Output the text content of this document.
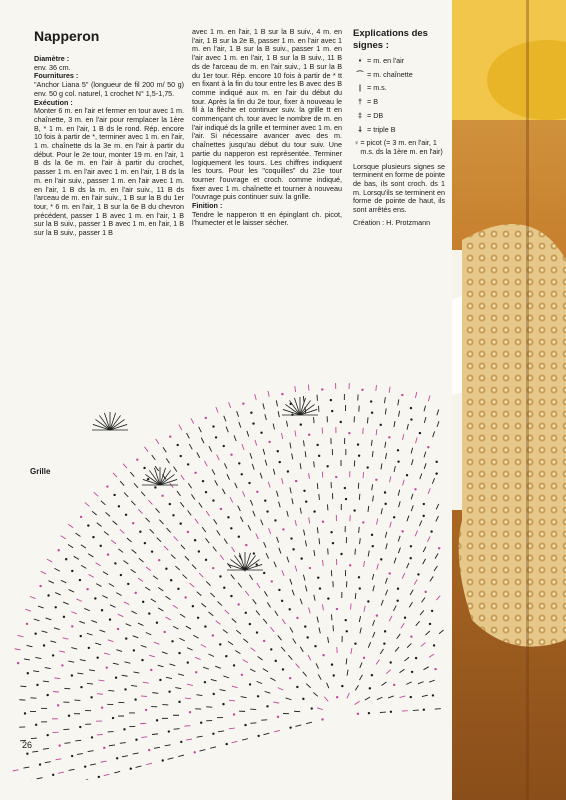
Napperon
Diamètre :
env. 36 cm.
Fournitures :
"Anchor Liana 5" (longueur de fil 200 m/ 50 g) env. 50 g col. naturel, 1 crochet N° 1,5-1,75.
Exécution :
Monter 6 m. en l'air et fermer en tour avec 1 m. chaînette, 3 m. en l'air pour remplacer la 1ère B, * 1 m. en l'air, 1 B ds le rond. Rép. encore 10 fois à partir de *, terminer avec 1 m. en l'air, 1 m. chaînette ds la 3e m. en l'air à partir du début. Pour le 2e tour, monter 19 m. en l'air, 1 B ds la 6e m. en l'air à partir du crochet, passer 1 m. en l'air avec 1 m. en l'air, 1 B ds la m. en l'air suiv., passer 1 m. en l'air avec 1 m. en l'air, 1 B ds la m. en l'air suiv., 11 B ds l'arceau de m. en l'air suiv., 1 B sur la B du 1er tour, * 6 m. en l'air, 1 B sur la 6e B du chevron précédent, passer 1 B avec 1 m. en l'air, 1 B sur la B suiv., passer 1 B avec 1 m. en l'air, 1 B sur la B suiv., passer 1 B
avec 1 m. en l'air, 1 B sur la B suiv., 4 m. en l'air, 1 B sur la 2e B, passer 1 m. en l'air avec 1 m. en l'air, 1 B sur la B suiv., passer 1 m. en l'air avec 1 m. en l'air, 1 B sur la B suiv., 11 B ds de l'arceau de m. en l'air suiv., 1 B sur la B du 1er tour. Rép. encore 10 fois à partir de * tt en fixant à la fin du tour entre les B avec des B comme indiqué aux m. en l'air du début du tour. Après la fin du 2e tour, fixer à nouveau le fil à la flèche et continuer suiv. la grille tt en commençant ch. tour avec le nombre de m. en l'air indiqué ds la grille et terminer avec 1 m. en l'air. Si nécessaire avancer avec des m. chaînettes jusqu'au début du tour suiv. Une partie du napperon est représentée. Terminer logiquement les tours. Les chiffres indiquent les tours. Pour les "coquilles" du 21e tour tourner l'ouvrage et croch. comme indiqué, fixer avec 1 m. chaînette et tourner à nouveau l'ouvrage puis continuer suiv. la grille.
Finition :
Tendre le napperon tt en épinglant ch. picot, l'humecter et le laisser sécher.
Explications des signes :
• = m. en l'air
⌒ = m. chaînette
| = m.s.
† = B
‡ = DB
⸸ = triple B
♀ = picot (= 3 m. en l'air, 1 m.s. ds la 1ère m. en l'air)
Lorsque plusieurs signes se terminent en forme de pointe de bas, ils sont croch. ds 1 m. Lorsqu'ils se terminent en forme de pointe de haut, ils sont arrêtés ens.
Création : H. Protzmann
Grille
26
